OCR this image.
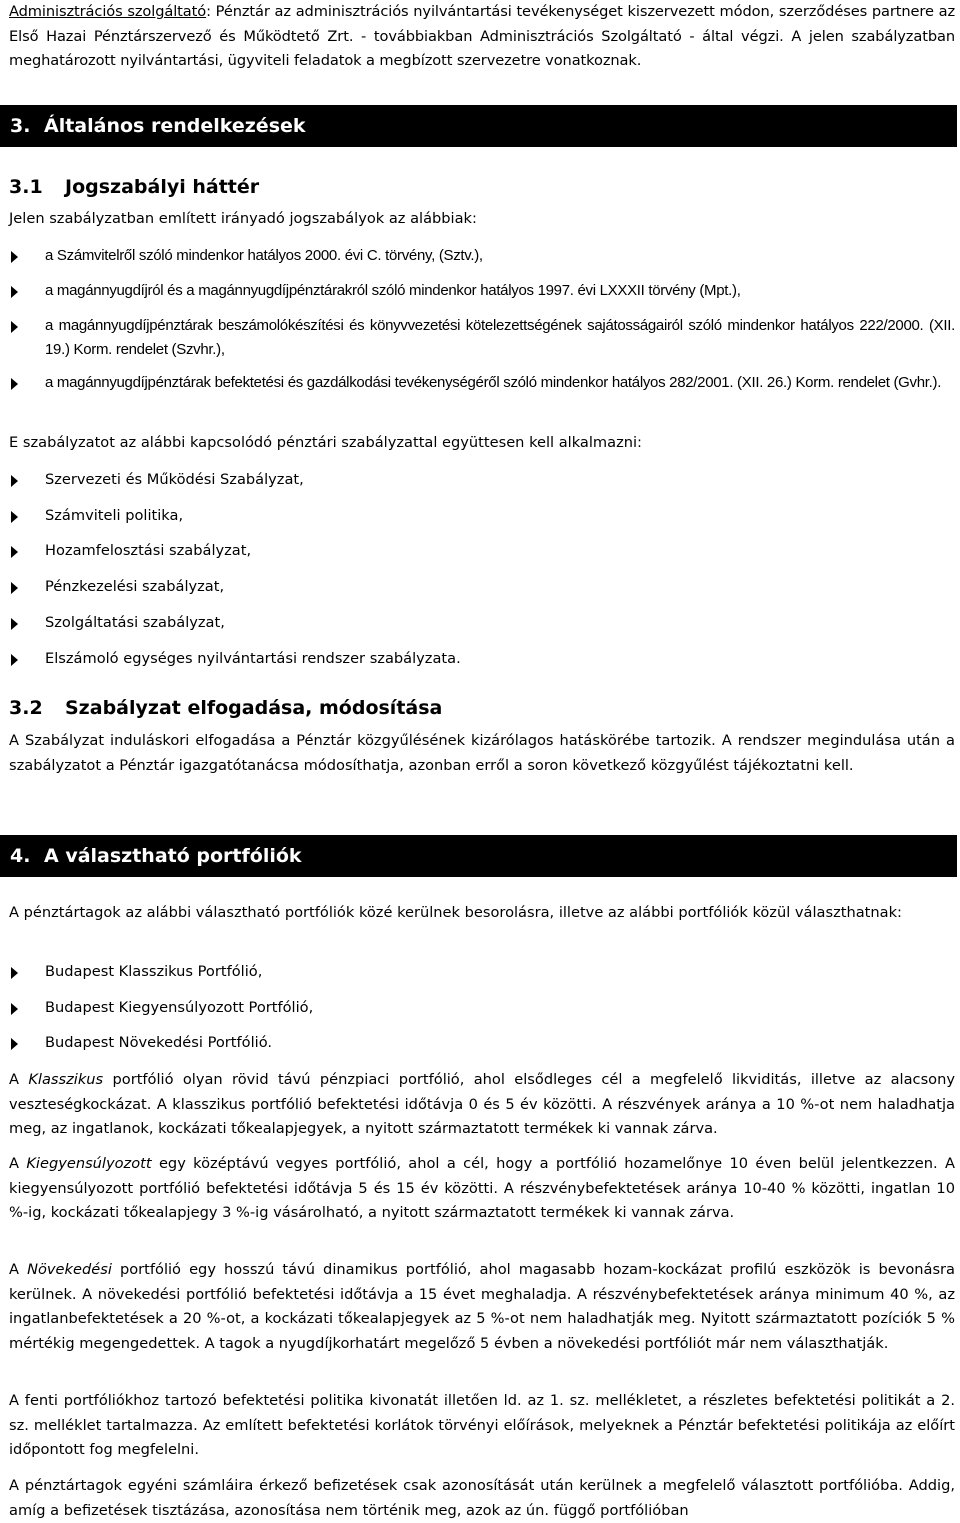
Adminisztrációs szolgáltató: Pénztár az adminisztrációs nyilvántartási tevékenységet kiszervezett módon, szerződéses partnere az Első Hazai Pénztárszervező és Működtető Zrt. - továbbiakban Adminisztrációs Szolgáltató - által végzi. A jelen szabályzatban meghatározott nyilvántartási, ügyviteli feladatok a megbízott szervezetre vonatkoznak.
3. Általános rendelkezések
3.1 Jogszabályi háttér
Jelen szabályzatban említett irányadó jogszabályok az alábbiak:
a Számvitelről szóló mindenkor hatályos 2000. évi C. törvény, (Sztv.),
a magánnyugdíjról és a magánnyugdíjpénztárakról szóló mindenkor hatályos 1997. évi LXXXII törvény (Mpt.),
a magánnyugdíjpénztárak beszámolókészítési és könyvvezetési kötelezettségének sajátosságairól szóló mindenkor hatályos 222/2000. (XII. 19.) Korm. rendelet (Szvhr.),
a magánnyugdíjpénztárak befektetési és gazdálkodási tevékenységéről szóló mindenkor hatályos 282/2001. (XII. 26.) Korm. rendelet (Gvhr.).
E szabályzatot az alábbi kapcsolódó pénztári szabályzattal együttesen kell alkalmazni:
Szervezeti és Működési Szabályzat,
Számviteli politika,
Hozamfelosztási szabályzat,
Pénzkezelési szabályzat,
Szolgáltatási szabályzat,
Elszámoló egységes nyilvántartási rendszer szabályzata.
3.2 Szabályzat elfogadása, módosítása
A Szabályzat induláskori elfogadása a Pénztár közgyűlésének kizárólagos hatáskörébe tartozik. A rendszer megindulása után a szabályzatot a Pénztár igazgatótanácsa módosíthatja, azonban erről a soron következő közgyűlést tájékoztatni kell.
4. A választható portfóliók
A pénztártagok az alábbi választható portfóliók közé kerülnek besorolásra, illetve az alábbi portfóliók közül választhatnak:
Budapest Klasszikus Portfólió,
Budapest Kiegyensúlyozott Portfólió,
Budapest Növekedési Portfólió.
A Klasszikus portfólió olyan rövid távú pénzpiaci portfólió, ahol elsődleges cél a megfelelő likviditás, illetve az alacsony veszteségkockázat. A klasszikus portfólió befektetési időtávja 0 és 5 év közötti. A részvények aránya a 10 %-ot nem haladhatja meg, az ingatlanok, kockázati tőkealapjegyek, a nyitott származtatott termékek ki vannak zárva.
A Kiegyensúlyozott egy középtávú vegyes portfólió, ahol a cél, hogy a portfólió hozamelőnye 10 éven belül jelentkezzen. A kiegyensúlyozott portfólió befektetési időtávja 5 és 15 év közötti. A részvénybefektetések aránya 10-40 % közötti, ingatlan 10 %-ig, kockázati tőkealapjegy 3 %-ig vásárolható, a nyitott származtatott termékek ki vannak zárva.
A Növekedési portfólió egy hosszú távú dinamikus portfólió, ahol magasabb hozam-kockázat profilú eszközök is bevonásra kerülnek. A növekedési portfólió befektetési időtávja a 15 évet meghaladja. A részvénybefektetések aránya minimum 40 %, az ingatlanbefektetések a 20 %-ot, a kockázati tőkealapjegyek az 5 %-ot nem haladhatják meg. Nyitott származtatott pozíciók 5 % mértékig megengedettek. A tagok a nyugdíjkorhatárt megelőző 5 évben a növekedési portfóliót már nem választhatják.
A fenti portfóliókhoz tartozó befektetési politika kivonatát illetően ld. az 1. sz. mellékletet, a részletes befektetési politikát a 2. sz. melléklet tartalmazza. Az említett befektetési korlátok törvényi előírások, melyeknek a Pénztár befektetési politikája az előírt időpontott fog megfelelni.
A pénztártagok egyéni számláira érkező befizetések csak azonosítását után kerülnek a megfelelő választott portfólióba. Addig, amíg a befizetések tisztázása, azonosítása nem történik meg, azok az ún. függő portfólióban
